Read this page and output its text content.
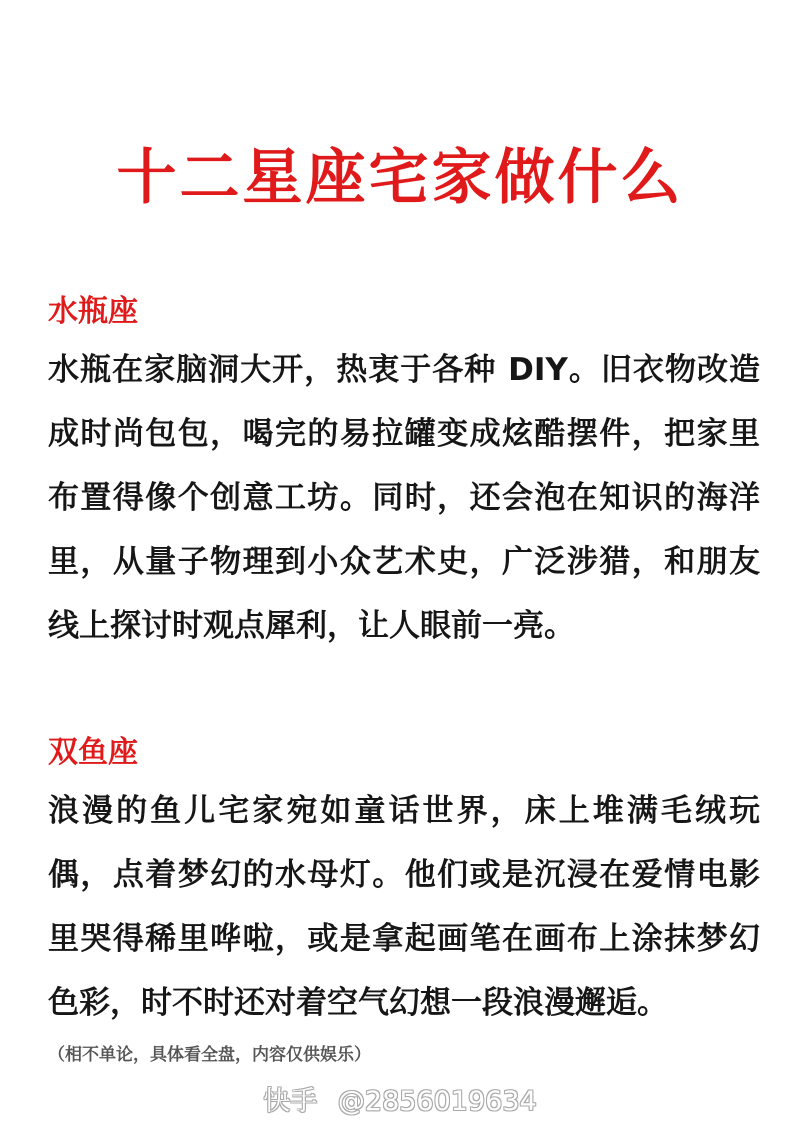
十二星座宅家做什么
水瓶座

水瓶在家脑洞大开，热衷于各种 DIY。旧衣物改造成时尚包包，喝完的易拉罐变成炫酷摆件，把家里布置得像个创意工坊。同时，还会泡在知识的海洋里，从量子物理到小众艺术史，广泛涉猎，和朋友线上探讨时观点犀利，让人眼前一亮。

双鱼座

浪漫的鱼儿宅家宛如童话世界，床上堆满毛绒玩偶，点着梦幻的水母灯。他们或是沉浸在爱情电影里哭得稀里哗啦，或是拿起画笔在画布上涂抹梦幻色彩，时不时还对着空气幻想一段浪漫邂逅。

（相不单论，具体看全盘，内容仅供娱乐）
快手 @2856019634
